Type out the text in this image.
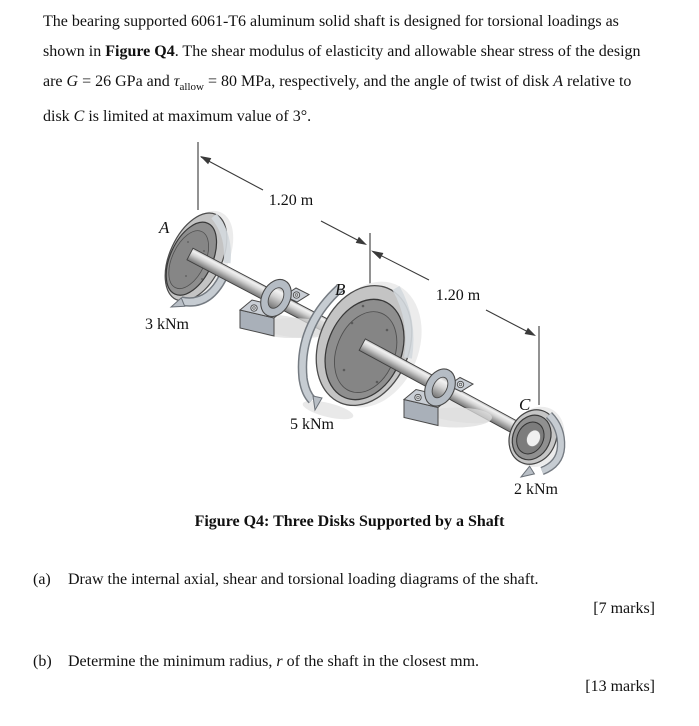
The bearing supported 6061-T6 aluminum solid shaft is designed for torsional loadings as
shown in Figure Q4. The shear modulus of elasticity and allowable shear stress of the design
are G = 26 GPa and $\tau_{allow} = 80$ MPa, respectively, and the angle of twist of disk A relative to
disk C is limited at maximum value of 3°.
1.20 m
1.20 m
A
B
C
3 kNm
5 kNm
2 kNm
Figure Q4: Three Disks Supported by a Shaft
(a) Draw the internal axial, shear and torsional loading diagrams of the shaft.
[7 marks]
(b) Determine the minimum radius, r of the shaft in the closest mm.
[13 marks]
